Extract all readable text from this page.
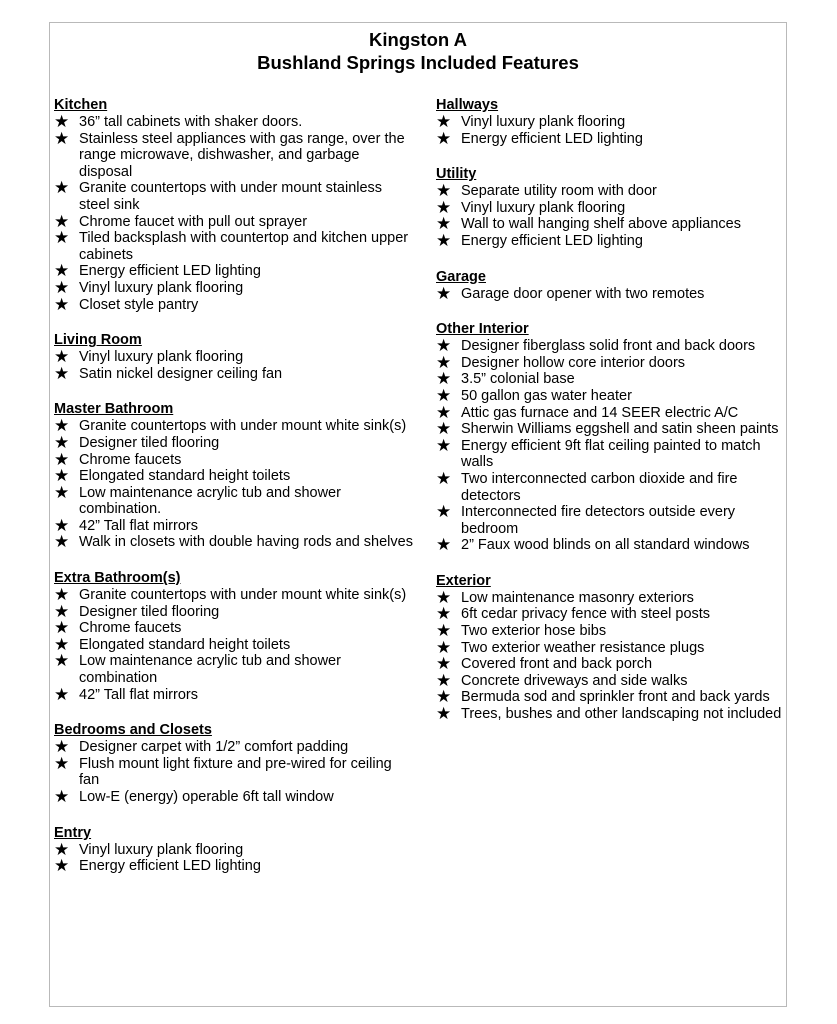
Kingston A
Bushland Springs Included Features
Kitchen
★ 36” tall cabinets with shaker doors.
★ Stainless steel appliances with gas range, over the range microwave, dishwasher, and garbage disposal
★ Granite countertops with under mount stainless steel sink
★ Chrome faucet with pull out sprayer
★ Tiled backsplash with countertop and kitchen upper cabinets
★ Energy efficient LED lighting
★ Vinyl luxury plank flooring
★ Closet style pantry
Living Room
★ Vinyl luxury plank flooring
★ Satin nickel designer ceiling fan
Master Bathroom
★ Granite countertops with under mount white sink(s)
★ Designer tiled flooring
★ Chrome faucets
★ Elongated standard height toilets
★ Low maintenance acrylic tub and shower combination.
★ 42” Tall flat mirrors
★ Walk in closets with double having rods and shelves
Extra Bathroom(s)
★ Granite countertops with under mount white sink(s)
★ Designer tiled flooring
★ Chrome faucets
★ Elongated standard height toilets
★ Low maintenance acrylic tub and shower combination
★ 42” Tall flat mirrors
Bedrooms and Closets
★ Designer carpet with 1/2” comfort padding
★ Flush mount light fixture and pre-wired for ceiling fan
★ Low-E (energy) operable 6ft tall window
Entry
★ Vinyl luxury plank flooring
★ Energy efficient LED lighting
Hallways
★ Vinyl luxury plank flooring
★ Energy efficient LED lighting
Utility
★ Separate utility room with door
★ Vinyl luxury plank flooring
★ Wall to wall hanging shelf above appliances
★ Energy efficient LED lighting
Garage
★ Garage door opener with two remotes
Other Interior
★ Designer fiberglass solid front and back doors
★ Designer hollow core interior doors
★ 3.5” colonial base
★ 50 gallon gas water heater
★ Attic gas furnace and 14 SEER electric A/C
★ Sherwin Williams eggshell and satin sheen paints
★ Energy efficient 9ft flat ceiling painted to match walls
★ Two interconnected carbon dioxide and fire detectors
★ Interconnected fire detectors outside every bedroom
★ 2” Faux wood blinds on all standard windows
Exterior
★ Low maintenance masonry exteriors
★ 6ft cedar privacy fence with steel posts
★ Two exterior hose bibs
★ Two exterior weather resistance plugs
★ Covered front and back porch
★ Concrete driveways and side walks
★ Bermuda sod and sprinkler front and back yards
★ Trees, bushes and other landscaping not included
